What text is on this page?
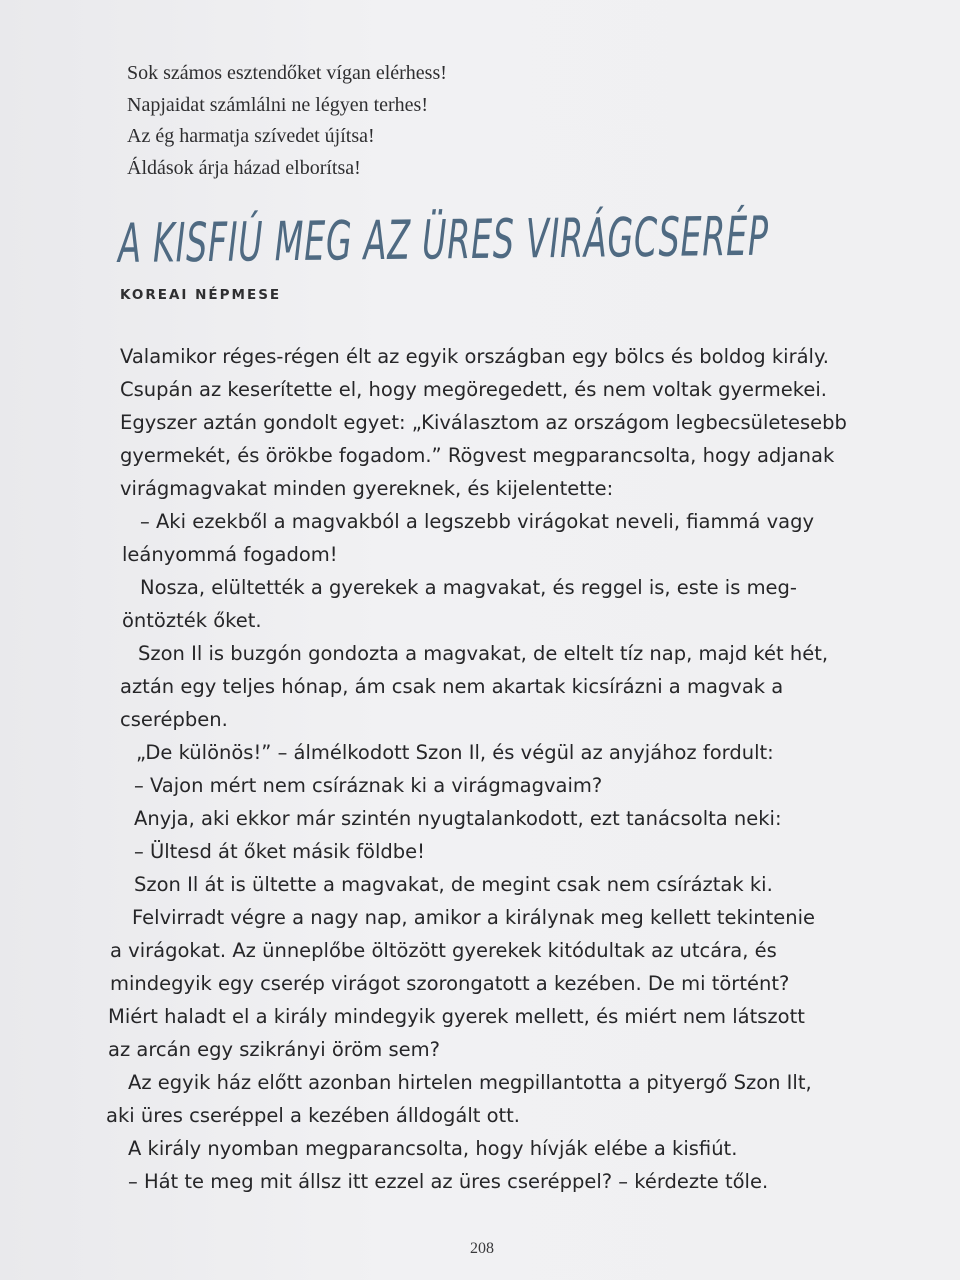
Sok számos esztendőket vígan elérhess!
Napjaidat számlálni ne légyen terhes!
Az ég harmatja szívedet újítsa!
Áldások árja házad elborítsa!
A KISFIÚ MEG AZ ÜRES VIRÁGCSERÉP
KOREAI NÉPMESE
Valamikor réges-régen élt az egyik országban egy bölcs és boldog király.
Csupán az keserítette el, hogy megöregedett, és nem voltak gyermekei.
Egyszer aztán gondolt egyet: „Kiválasztom az országom legbecsületesebb
gyermekét, és örökbe fogadom.” Rögvest megparancsolta, hogy adjanak
virágmagvakat minden gyereknek, és kijelentette:
– Aki ezekből a magvakból a legszebb virágokat neveli, fiammá vagy
leányommá fogadom!
Nosza, elültették a gyerekek a magvakat, és reggel is, este is meg-
öntözték őket.
Szon Il is buzgón gondozta a magvakat, de eltelt tíz nap, majd két hét,
aztán egy teljes hónap, ám csak nem akartak kicsírázni a magvak a
cserépben.
„De különös!” – álmélkodott Szon Il, és végül az anyjához fordult:
– Vajon mért nem csíráznak ki a virágmagvaim?
Anyja, aki ekkor már szintén nyugtalankodott, ezt tanácsolta neki:
– Ültesd át őket másik földbe!
Szon Il át is ültette a magvakat, de megint csak nem csíráztak ki.
Felvirradt végre a nagy nap, amikor a királynak meg kellett tekintenie
a virágokat. Az ünneplőbe öltözött gyerekek kitódultak az utcára, és
mindegyik egy cserép virágot szorongatott a kezében. De mi történt?
Miért haladt el a király mindegyik gyerek mellett, és miért nem látszott
az arcán egy szikrányi öröm sem?
Az egyik ház előtt azonban hirtelen megpillantotta a pityergő Szon Ilt,
aki üres cseréppel a kezében álldogált ott.
A király nyomban megparancsolta, hogy hívják elébe a kisfiút.
– Hát te meg mit állsz itt ezzel az üres cseréppel? – kérdezte tőle.
208
